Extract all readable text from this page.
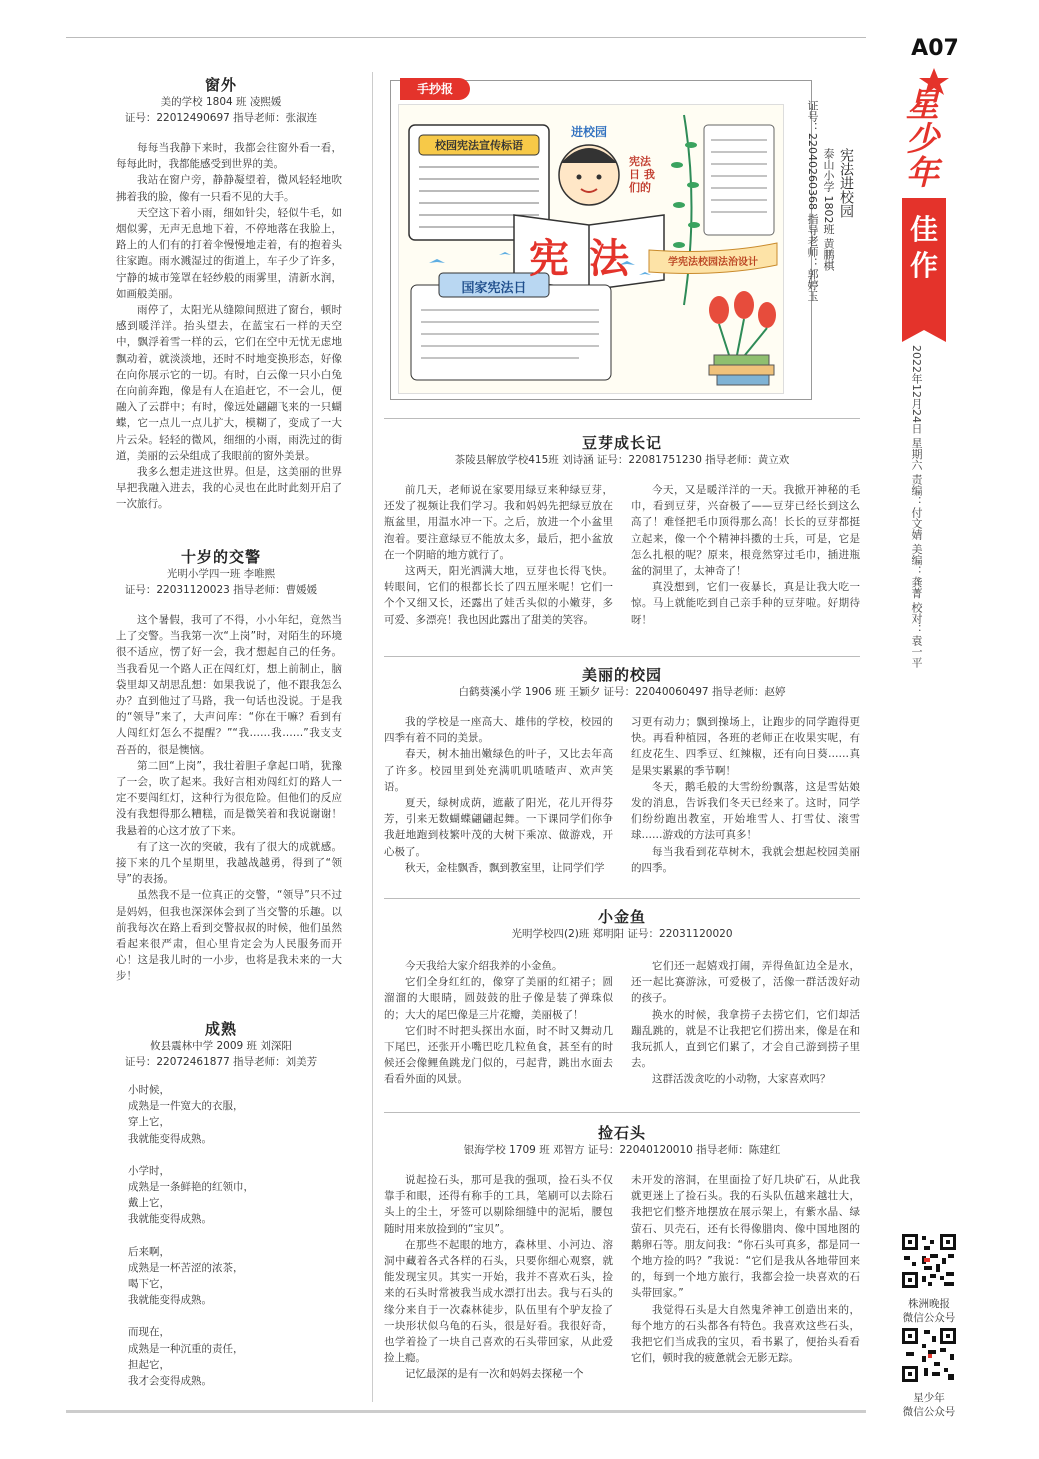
A07
星少年
佳作
2022年12月24日 星期六 责编：付文婧 美编：龚菁 校对：袁一平
株洲晚报
微信公众号
星少年
微信公众号
窗外
美的学校 1804 班 凌熙媛
证号：22012490697 指导老师：张淑连

每每当我静下来时，我都会往窗外看一看，每每此时，我都能感受到世界的美。

我站在窗户旁，静静凝望着，微风轻轻地吹拂着我的脸，像有一只看不见的大手。

天空这下着小雨，细如针尖，轻似牛毛，如烟似雾，无声无息地下着，不停地落在我脸上，路上的人们有的打着伞慢慢地走着，有的抱着头往家跑。雨水溅湿过的街道上，车子少了许多，宁静的城市笼罩在轻纱般的雨雾里，清新水润，如画般美丽。

雨停了，太阳光从缝隙间照进了窗台，顿时感到暖洋洋。抬头望去，在蓝宝石一样的天空中，飘浮着雪一样的云，它们在空中无忧无虑地飘动着，就淡淡地，还时不时地变换形态，好像在向你展示它的一切。有时，白云像一只小白兔在向前奔跑，像是有人在追赶它，不一会儿，便融入了云群中；有时，像远处翩翩飞来的一只蝴蝶，它一点儿一点儿扩大，模糊了，变成了一大片云朵。轻轻的微风，细细的小雨，雨洗过的街道，美丽的云朵组成了我眼前的窗外美景。

我多么想走进这世界。但是，这美丽的世界早把我融入进去，我的心灵也在此时此刻开启了一次旅行。

十岁的交警
光明小学四一班 李唯熙
证号：22031120023 指导老师：曹媛媛

这个暑假，我可了不得，小小年纪，竟然当上了交警。当我第一次“上岗”时，对陌生的环境很不适应，愣了好一会，我才想起自己的任务。当我看见一个路人正在闯红灯，想上前制止，脑袋里却又胡思乱想：如果我说了，他不跟我怎么办？直到他过了马路，我一句话也没说。于是我的“领导”来了，大声问库：“你在干嘛？看到有人闯红灯怎么不提醒？”“我……我……”我支支吾吾的，很是懊恼。

第二回“上岗”，我壮着胆子拿起口哨，犹豫了一会，吹了起来。我好言相劝闯红灯的路人一定不要闯红灯，这种行为很危险。但他们的反应没有我想得那么糟糕，而是微笑着和我说谢谢！我悬着的心这才放了下来。

有了这一次的突破，我有了很大的成就感。接下来的几个星期里，我越战越勇，得到了“领导”的表扬。

虽然我不是一位真正的交警，“领导”只不过是妈妈，但我也深深体会到了当交警的乐趣。以前我每次在路上看到交警叔叔的时候，他们虽然看起来很严肃，但心里肯定会为人民服务而开心！这是我儿时的一小步，也将是我未来的一大步！

成熟
攸县震林中学 2009 班 刘深阳
证号：22072461877 指导老师：刘美芳

小时候，

成熟是一件宽大的衣服，

穿上它，

我就能变得成熟。

小学时，

成熟是一条鲜艳的红领巾，

戴上它，

我就能变得成熟。

后来啊，

成熟是一杯苦涩的浓茶，

喝下它，

我就能变得成熟。

而现在，

成熟是一种沉重的责任，

担起它，

我才会变得成熟。

手抄报
校园宪法宣传标语
进校园
宪法日 我们的
宪法	学宪法校园法治设计
国家宪法日
宪法进校园
泰山小学 1802班 黄鹏棋
证号：22040260368 指导老师：郭婷玉
豆芽成长记
茶陵县解放学校415班 刘诗涵 证号：22081751230 指导老师：黄立欢

前几天，老师说在家要用绿豆来种绿豆芽，还发了视频让我们学习。我和妈妈先把绿豆放在瓶盆里，用温水冲一下。之后，放进一个小盆里泡着。要注意绿豆不能放太多，最后，把小盆放在一个阴暗的地方就行了。

这两天，阳光洒满大地，豆芽也长得飞快。转眼间，它们的根都长长了四五厘米呢！它们一个个又细又长，还露出了娃舌头似的小嫩芽，多可爱、多漂亮！我也因此露出了甜美的笑容。

今天，又是暖洋洋的一天。我掀开神秘的毛巾，看到豆芽，兴奋极了——豆芽已经长到这么高了！难怪把毛巾顶得那么高！长长的豆芽都挺立起来，像一个个精神抖擞的士兵，可是，它是怎么扎根的呢？原来，根竟然穿过毛巾，插进瓶盆的洞里了，太神奇了！

真没想到，它们一夜暴长，真是让我大吃一惊。马上就能吃到自己亲手种的豆芽啦。好期待呀！

美丽的校园
白鹤葵溪小学 1906 班 王颖夕 证号：22040060497 指导老师：赵婷

我的学校是一座高大、雄伟的学校，校园的四季有着不同的美景。

春天，树木抽出嫩绿色的叶子，又比去年高了许多。校园里到处充满叽叽喳喳声、欢声笑语。

夏天，绿树成荫，遮蔽了阳光，花儿开得芬芳，引来无数蝴蝶翩翩起舞。一下课同学们你争我赶地跑到枝繁叶茂的大树下乘凉、做游戏，开心极了。

秋天，金桂飘香，飘到教室里，让同学们学

习更有动力；飘到操场上，让跑步的同学跑得更快。再看种植园，各班的老师正在收果实呢，有红皮花生、四季豆、红辣椒，还有向日葵……真是果实累累的季节啊！

冬天，鹅毛般的大雪纷纷飘落，这是雪姑娘发的消息，告诉我们冬天已经来了。这时，同学们纷纷跑出教室，开始堆雪人、打雪仗、滚雪球……游戏的方法可真多！

每当我看到花草树木，我就会想起校园美丽的四季。

小金鱼
光明学校四(2)班 郑明阳 证号：22031120020

今天我给大家介绍我养的小金鱼。

它们全身红红的，像穿了美丽的红裙子；圆溜溜的大眼睛，圆鼓鼓的肚子像是装了弹珠似的；大大的尾巴像是三片花瓣，美丽极了！

它们时不时把头探出水面，时不时又舞动几下尾巴，还张开小嘴巴吃几粒鱼食，甚至有的时候还会像鲤鱼跳龙门似的，弓起背，跳出水面去看看外面的风景。

它们还一起嬉戏打闹，弄得鱼缸边全是水，还一起比赛游泳，可爱极了，活像一群活泼好动的孩子。

换水的时候，我拿捞子去捞它们，它们却活蹦乱跳的，就是不让我把它们捞出来，像是在和我玩抓人，直到它们累了，才会自己游到捞子里去。

这群活泼贪吃的小动物，大家喜欢吗？

捡石头
银海学校 1709 班 邓智方 证号：22040120010 指导老师：陈建红

说起捡石头，那可是我的强项，捡石头不仅靠手和眼，还得有称手的工具，笔刷可以去除石头上的尘土，牙签可以剔除细缝中的泥垢，腰包随时用来放捡到的“宝贝”。

在那些不起眼的地方，森林里、小河边、溶洞中藏着各式各样的石头，只要你细心观察，就能发现宝贝。其实一开始，我并不喜欢石头，捡来的石头时常被我当成水漂打出去。我与石头的缘分来自于一次森林徒步，队伍里有个驴友捡了一块形状似乌龟的石头，很是好看。我很好奇，也学着捡了一块自己喜欢的石头带回家，从此爱捡上瘾。

记忆最深的是有一次和妈妈去探秘一个

未开发的溶洞，在里面捡了好几块矿石，从此我就更迷上了捡石头。我的石头队伍越来越壮大，我把它们整齐地摆放在展示架上，有紫水晶、绿萤石、贝壳石，还有长得像腊肉、像中国地图的鹅卵石等。朋友问我：“你石头可真多，都是同一个地方捡的吗？”我说：“它们是我从各地带回来的，每到一个地方旅行，我都会捡一块喜欢的石头带回家。”

我觉得石头是大自然鬼斧神工创造出来的，每个地方的石头都各有特色。我喜欢这些石头，我把它们当成我的宝贝，看书累了，便抬头看看它们，顿时我的疲惫就会无影无踪。
